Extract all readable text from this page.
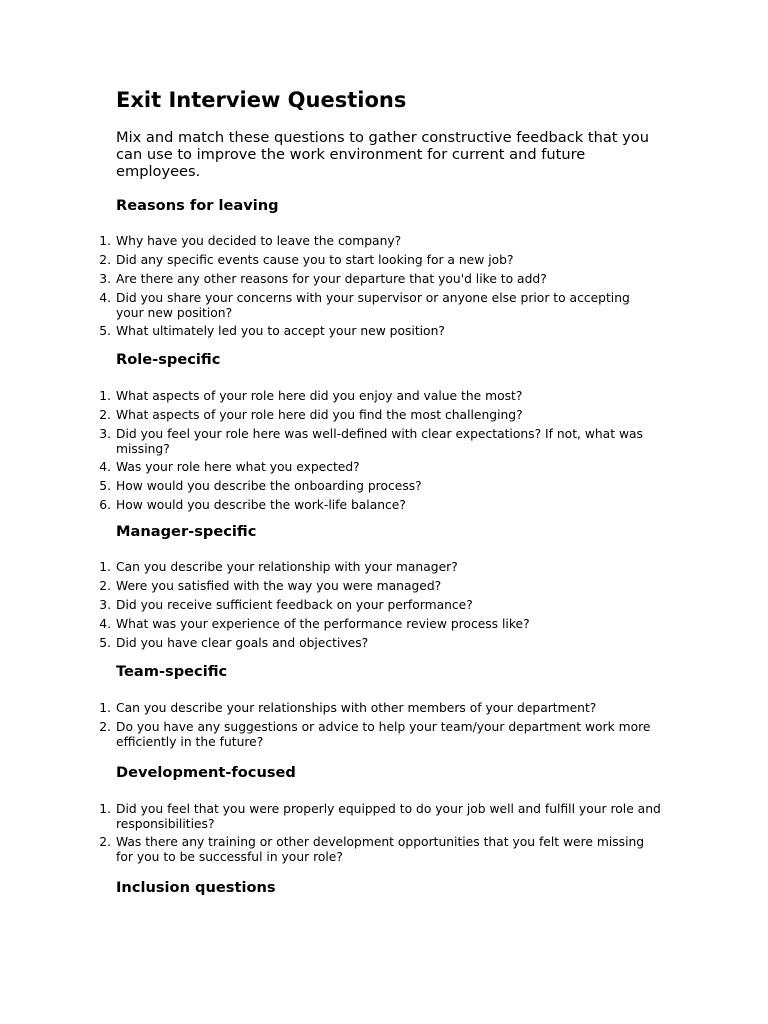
Exit Interview Questions

Mix and match these questions to gather constructive feedback that you can use to improve the work environment for current and future employees.

Reasons for leaving
1. Why have you decided to leave the company?
2. Did any specific events cause you to start looking for a new job?
3. Are there any other reasons for your departure that you'd like to add?
4. Did you share your concerns with your supervisor or anyone else prior to accepting your new position?
5. What ultimately led you to accept your new position?
Role-specific
1. What aspects of your role here did you enjoy and value the most?
2. What aspects of your role here did you find the most challenging?
3. Did you feel your role here was well-defined with clear expectations? If not, what was missing?
4. Was your role here what you expected?
5. How would you describe the onboarding process?
6. How would you describe the work-life balance?
Manager-specific
1. Can you describe your relationship with your manager?
2. Were you satisfied with the way you were managed?
3. Did you receive sufficient feedback on your performance?
4. What was your experience of the performance review process like?
5. Did you have clear goals and objectives?
Team-specific
1. Can you describe your relationships with other members of your department?
2. Do you have any suggestions or advice to help your team/your department work more efficiently in the future?
Development-focused
1. Did you feel that you were properly equipped to do your job well and fulfill your role and responsibilities?
2. Was there any training or other development opportunities that you felt were missing for you to be successful in your role?
Inclusion questions
